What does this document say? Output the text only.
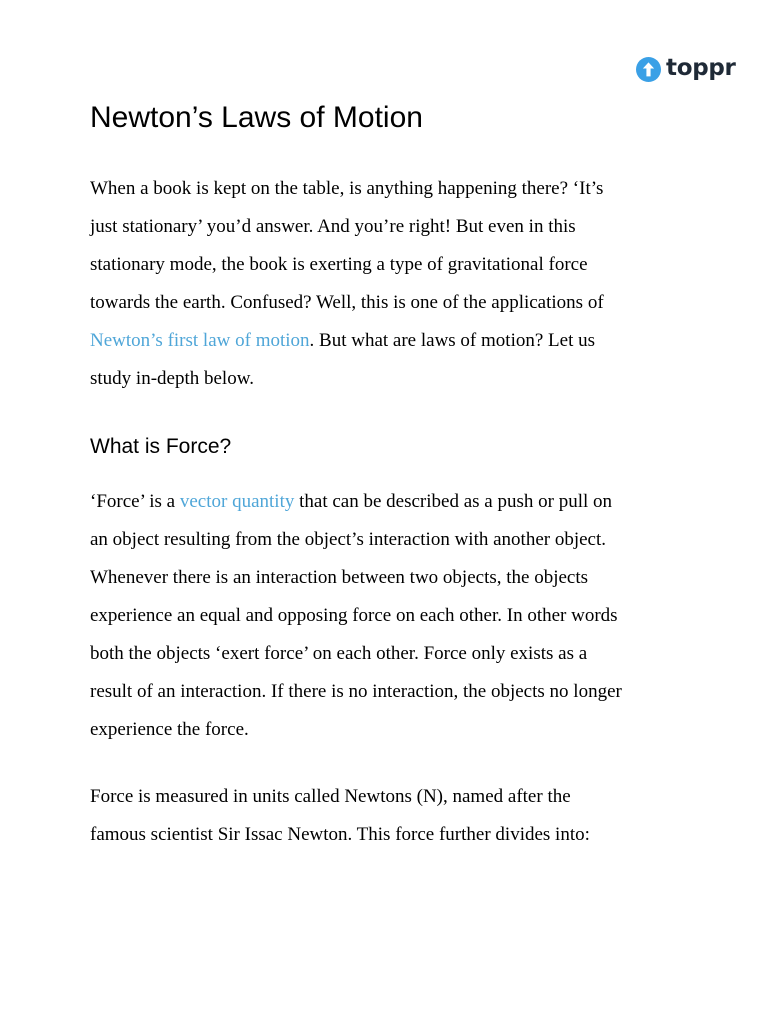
toppr
Newton’s Laws of Motion

When a book is kept on the table, is anything happening there? ‘It’s
just stationary’ you’d answer. And you’re right! But even in this
stationary mode, the book is exerting a type of gravitational force
towards the earth. Confused? Well, this is one of the applications of
Newton’s first law of motion. But what are laws of motion? Let us
study in-depth below.

What is Force?

‘Force’ is a vector quantity that can be described as a push or pull on
an object resulting from the object’s interaction with another object.
Whenever there is an interaction between two objects, the objects
experience an equal and opposing force on each other. In other words
both the objects ‘exert force’ on each other. Force only exists as a
result of an interaction. If there is no interaction, the objects no longer
experience the force.

Force is measured in units called Newtons (N), named after the
famous scientist Sir Issac Newton. This force further divides into:
